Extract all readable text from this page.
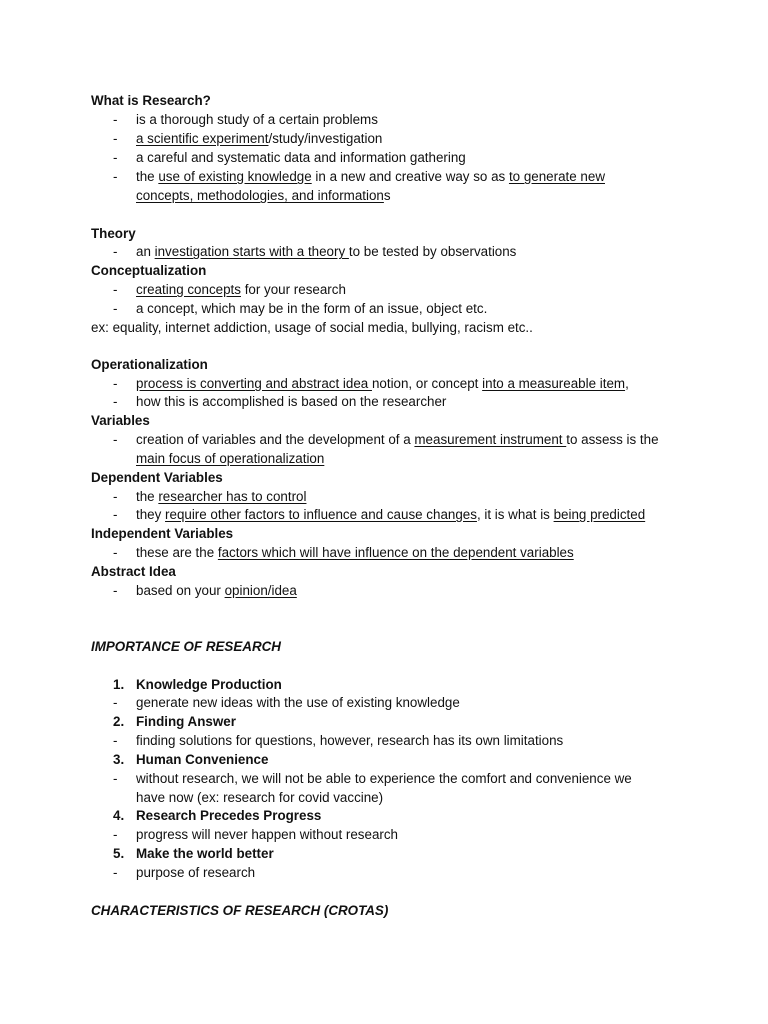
What is Research?
- is a thorough study of a certain problems
- a scientific experiment/study/investigation
- a careful and systematic data and information gathering
- the use of existing knowledge in a new and creative way so as to generate new
concepts, methodologies, and informations
Theory
- an investigation starts with a theory to be tested by observations
Conceptualization
- creating concepts for your research
- a concept, which may be in the form of an issue, object etc.
ex: equality, internet addiction, usage of social media, bullying, racism etc..
Operationalization
- process is converting and abstract idea notion, or concept into a measureable item,
- how this is accomplished is based on the researcher
Variables
- creation of variables and the development of a measurement instrument to assess is the
main focus of operationalization
Dependent Variables
- the researcher has to control
- they require other factors to influence and cause changes, it is what is being predicted
Independent Variables
- these are the factors which will have influence on the dependent variables
Abstract Idea
- based on your opinion/idea
IMPORTANCE OF RESEARCH
1. Knowledge Production
- generate new ideas with the use of existing knowledge
2. Finding Answer
- finding solutions for questions, however, research has its own limitations
3. Human Convenience
- without research, we will not be able to experience the comfort and convenience we
have now (ex: research for covid vaccine)
4. Research Precedes Progress
- progress will never happen without research
5. Make the world better
- purpose of research
CHARACTERISTICS OF RESEARCH (CROTAS)
